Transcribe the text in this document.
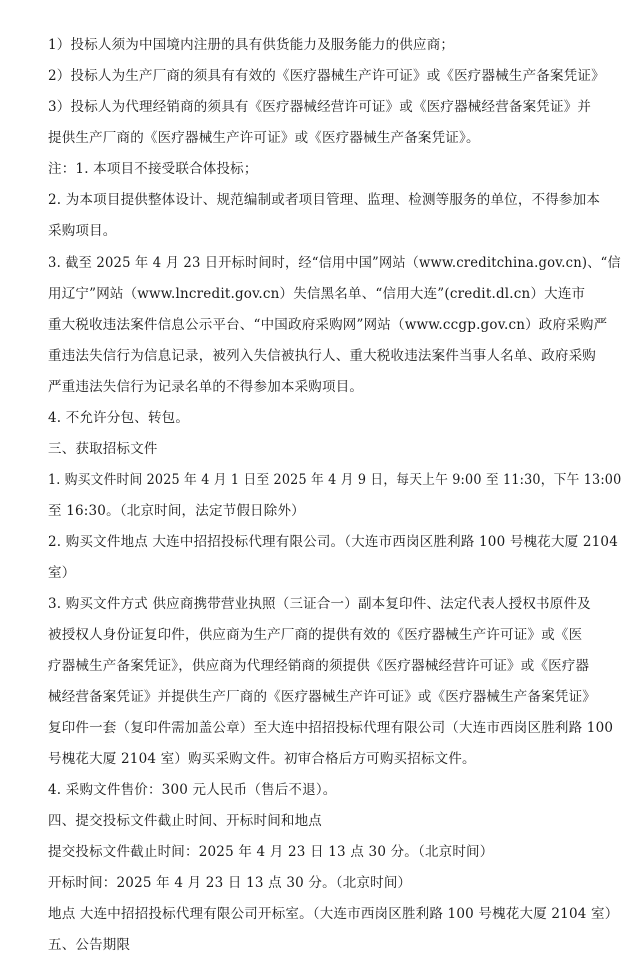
1）投标人须为中国境内注册的具有供货能力及服务能力的供应商；
2）投标人为生产厂商的须具有有效的《医疗器械生产许可证》或《医疗器械生产备案凭证》
3）投标人为代理经销商的须具有《医疗器械经营许可证》或《医疗器械经营备案凭证》并
提供生产厂商的《医疗器械生产许可证》或《医疗器械生产备案凭证》。
注：1. 本项目不接受联合体投标；
2. 为本项目提供整体设计、规范编制或者项目管理、监理、检测等服务的单位，不得参加本
采购项目。
3. 截至 2025 年 4 月 23 日开标时间时，经“信用中国”网站（www.creditchina.gov.cn)、“信
用辽宁”网站（www.lncredit.gov.cn）失信黑名单、“信用大连”(credit.dl.cn）大连市
重大税收违法案件信息公示平台、“中国政府采购网”网站（www.ccgp.gov.cn）政府采购严
重违法失信行为信息记录，被列入失信被执行人、重大税收违法案件当事人名单、政府采购
严重违法失信行为记录名单的不得参加本采购项目。
4. 不允许分包、转包。
三、获取招标文件
1. 购买文件时间 2025 年 4 月 1 日至 2025 年 4 月 9 日，每天上午 9:00 至 11:30，下午 13:00
至 16:30。（北京时间，法定节假日除外）
2. 购买文件地点 大连中招招投标代理有限公司。（大连市西岗区胜利路 100 号槐花大厦 2104
室）
3. 购买文件方式 供应商携带营业执照（三证合一）副本复印件、法定代表人授权书原件及
被授权人身份证复印件，供应商为生产厂商的提供有效的《医疗器械生产许可证》或《医
疗器械生产备案凭证》，供应商为代理经销商的须提供《医疗器械经营许可证》或《医疗器
械经营备案凭证》并提供生产厂商的《医疗器械生产许可证》或《医疗器械生产备案凭证》
复印件一套（复印件需加盖公章）至大连中招招投标代理有限公司（大连市西岗区胜利路 100
号槐花大厦 2104 室）购买采购文件。初审合格后方可购买招标文件。
4. 采购文件售价：300 元人民币（售后不退）。
四、提交投标文件截止时间、开标时间和地点
提交投标文件截止时间：2025 年 4 月 23 日 13 点 30 分。（北京时间）
开标时间：2025 年 4 月 23 日 13 点 30 分。（北京时间）
地点 大连中招招投标代理有限公司开标室。（大连市西岗区胜利路 100 号槐花大厦 2104 室）
五、公告期限
